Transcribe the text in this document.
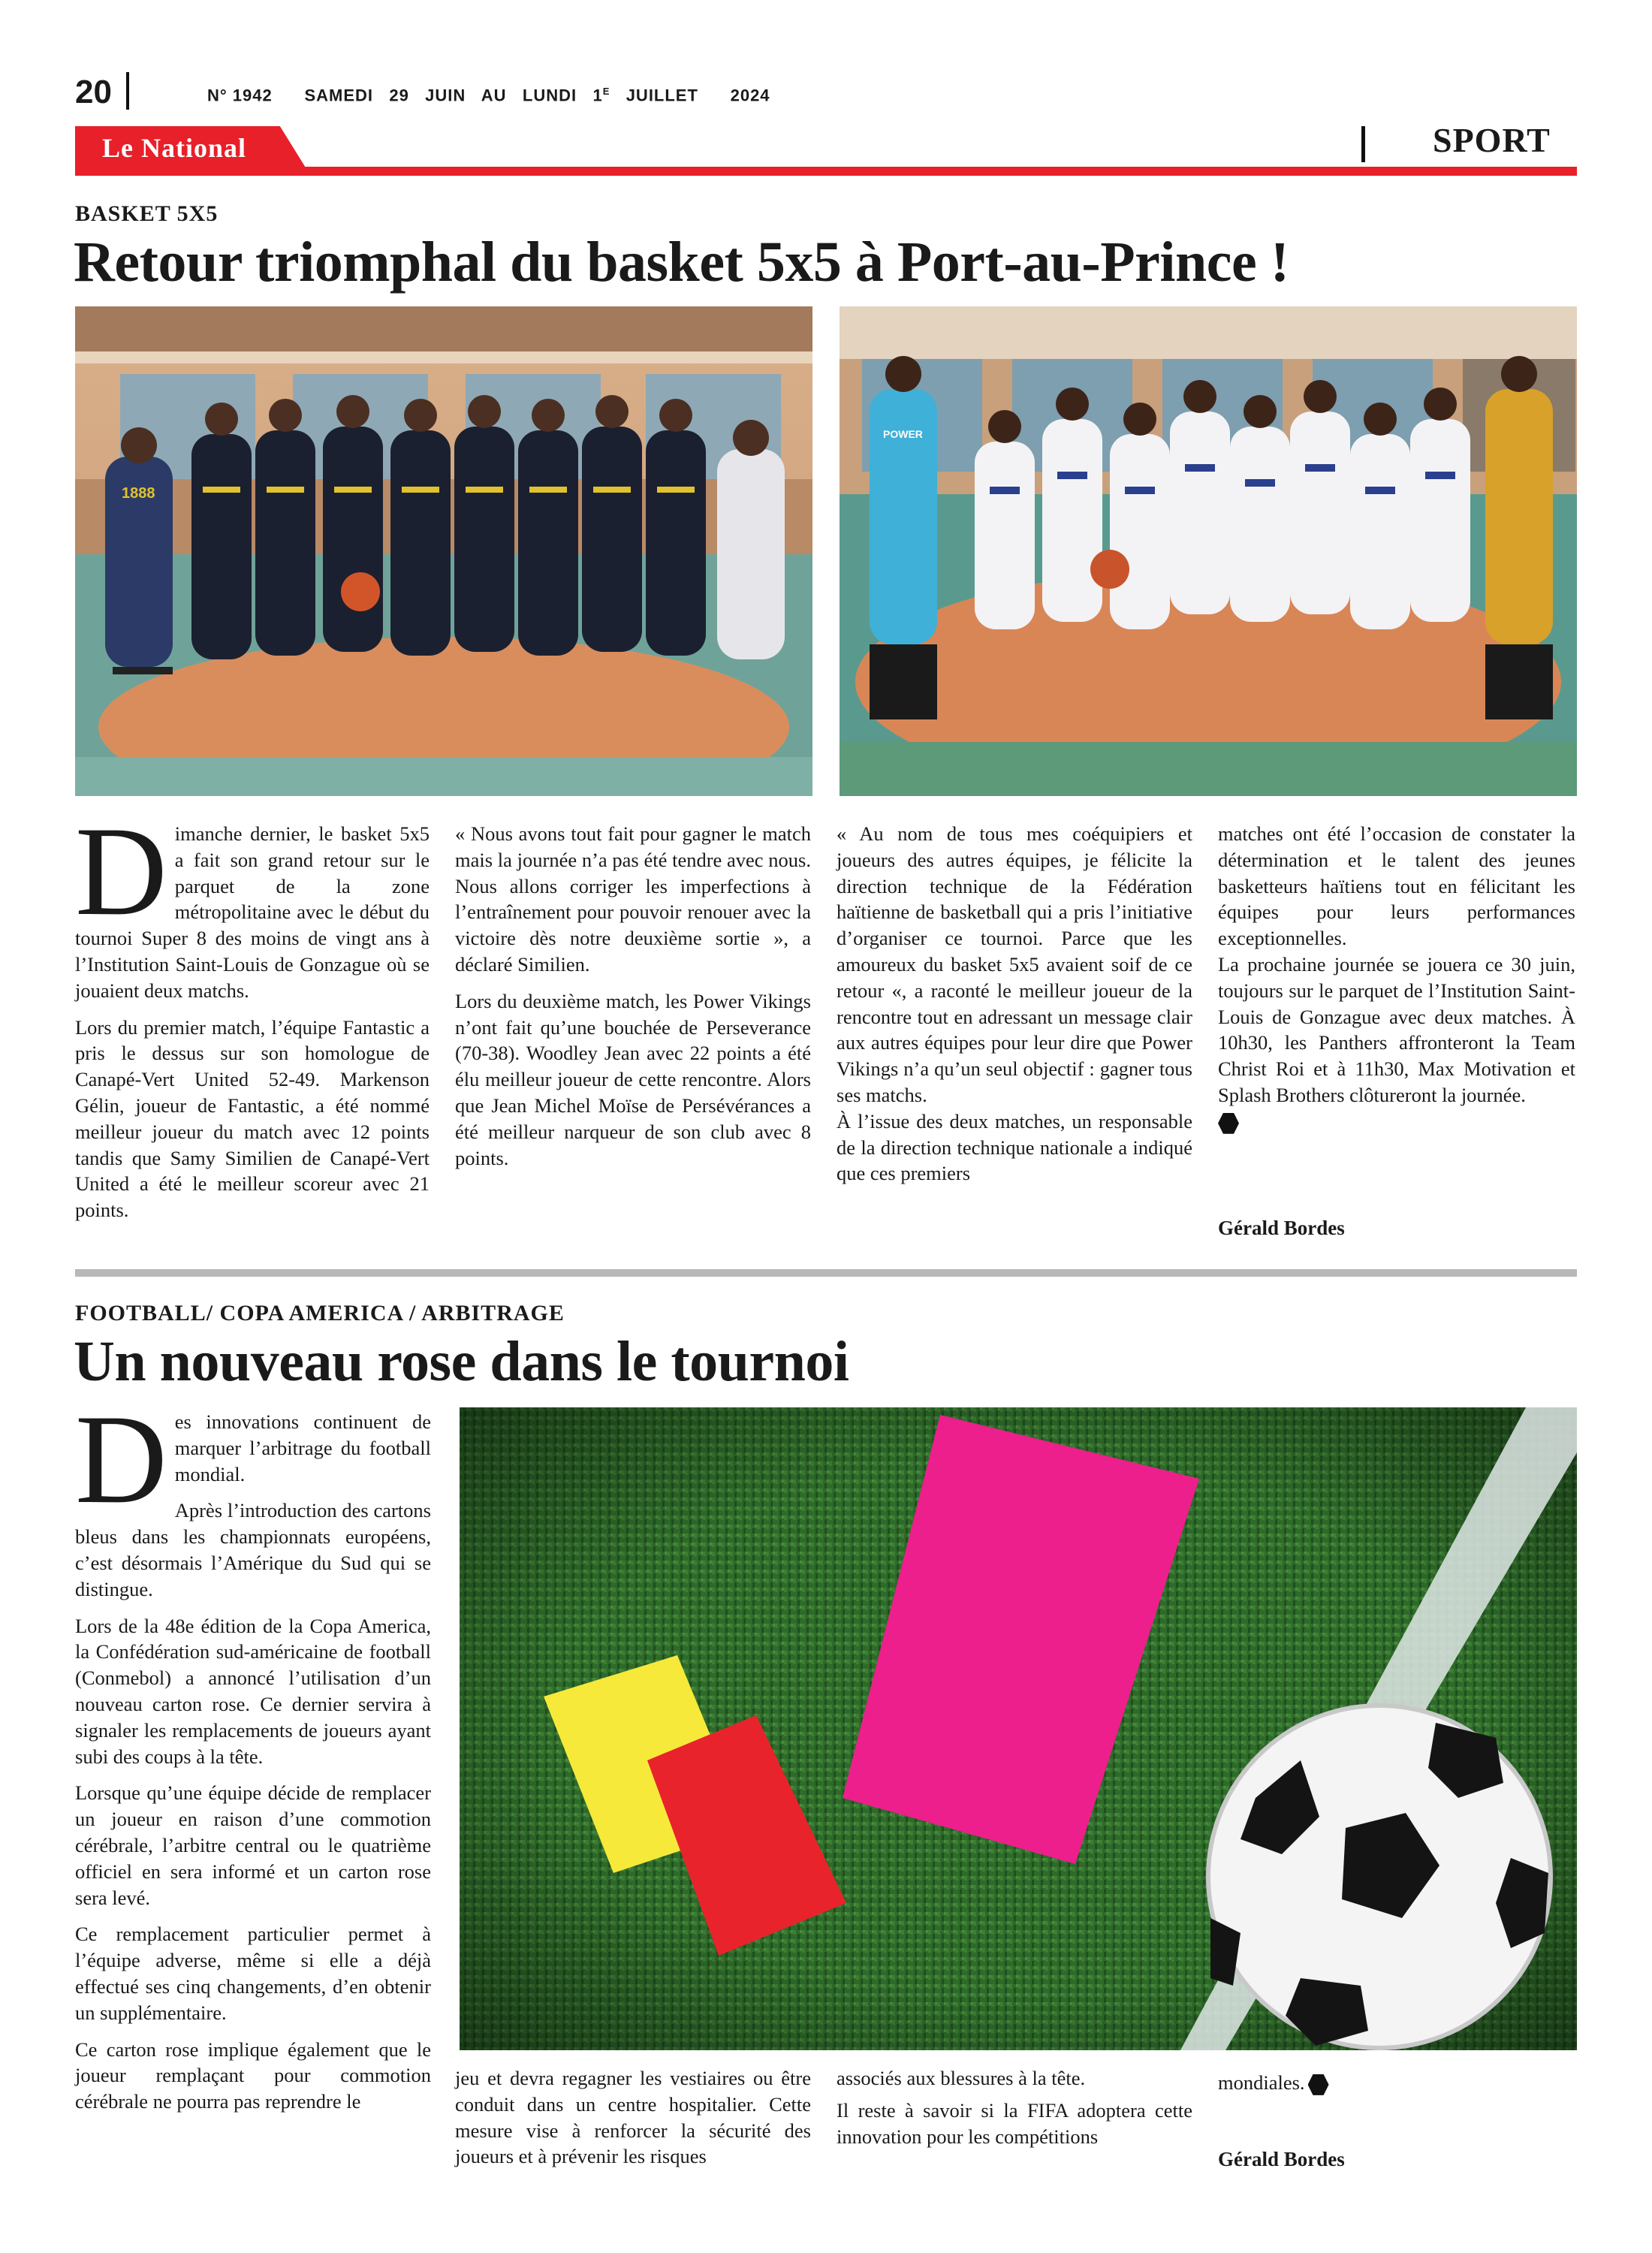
20	N° 1942 SAMEDI   29   JUIN   AU   LUNDI   $1^E$   JUILLET      2024
Le National	SPORT
BASKET 5X5
Retour triomphal du basket 5x5 à Port-au-Prince !
1888
POWER

Dimanche dernier, le basket 5x5 a fait son grand retour sur le parquet de la zone métropolitaine avec le début du tournoi Super 8 des moins de vingt ans à l’Institution Saint-Louis de Gonzague où se jouaient deux matchs.

Lors du premier match, l’équipe Fantastic a pris le dessus sur son homologue de Canapé-Vert United 52-49. Markenson Gélin, joueur de Fantastic, a été nommé meilleur joueur du match avec 12 points tandis que Samy Similien de Canapé-Vert United a été le meilleur scoreur avec 21 points.

« Nous avons tout fait pour gagner le match mais la journée n’a pas été tendre avec nous. Nous allons corriger les imperfections à l’entraînement pour pouvoir renouer avec la victoire dès notre deuxième sortie », a déclaré Similien.

Lors du deuxième match, les Power Vikings n’ont fait qu’une bouchée de Perseverance (70-38). Woodley Jean avec 22 points a été élu meilleur joueur de cette rencontre. Alors que Jean Michel Moïse de Persévérances a été meilleur narqueur de son club avec 8 points.

« Au nom de tous mes coéquipiers et joueurs des autres équipes, je félicite la direction technique de la Fédération haïtienne de basketball qui a pris l’initiative d’organiser ce tournoi. Parce que les amoureux du basket 5x5 avaient soif de ce retour «, a raconté le meilleur joueur de la rencontre tout en adressant un message clair aux autres équipes pour leur dire que Power Vikings n’a qu’un seul objectif : gagner tous ses matchs.

À l’issue des deux matches, un responsable de la direction technique nationale a indiqué que ces premiers

matches ont été l’occasion de constater la détermination et le talent des jeunes basketteurs haïtiens tout en félicitant les équipes pour leurs performances exceptionnelles.

La prochaine journée se jouera ce 30 juin, toujours sur le parquet de l’Institution Saint-Louis de Gonzague avec deux matches. À 10h30, les Panthers affronteront la Team Christ Roi et à 11h30, Max Motivation et Splash Brothers clôtureront la journée.

Gérald Bordes
FOOTBALL/ COPA AMERICA / ARBITRAGE
Un nouveau rose dans le tournoi

Des innovations continuent de marquer l’arbitrage du football mondial.

Après l’introduction des cartons bleus dans les championnats européens, c’est désormais l’Amérique du Sud qui se distingue.

Lors de la 48e édition de la Copa America, la Confédération sud-américaine de football (Conmebol) a annoncé l’utilisation d’un nouveau carton rose. Ce dernier servira à signaler les remplacements de joueurs ayant subi des coups à la tête.

Lorsque qu’une équipe décide de remplacer un joueur en raison d’une commotion cérébrale, l’arbitre central ou le quatrième officiel en sera informé et un carton rose sera levé.

Ce remplacement particulier permet à l’équipe adverse, même si elle a déjà effectué ses cinq changements, d’en obtenir un supplémentaire.

Ce carton rose implique également que le joueur remplaçant pour commotion cérébrale ne pourra pas reprendre le

jeu et devra regagner les vestiaires ou être conduit dans un centre hospitalier. Cette mesure vise à renforcer la sécurité des joueurs et à prévenir les risques

associés aux blessures à la tête.

Il reste à savoir si la FIFA adoptera cette innovation pour les compétitions

mondiales.

Gérald Bordes
